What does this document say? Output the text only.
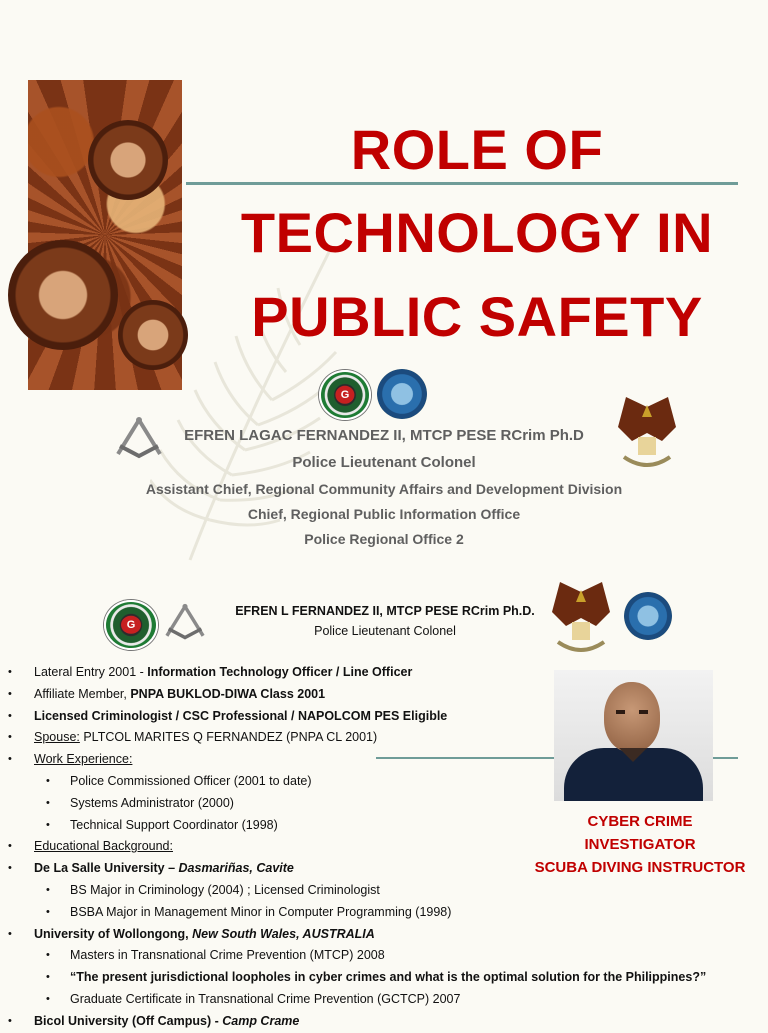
ROLE OF
TECHNOLOGY IN
PUBLIC SAFETY
G
EFREN LAGAC FERNANDEZ II, MTCP PESE RCrim Ph.D
Police Lieutenant Colonel
Assistant Chief, Regional Community Affairs and Development Division
Chief, Regional Public Information Office
Police Regional Office 2
G
EFREN L FERNANDEZ II, MTCP PESE RCrim Ph.D.
Police Lieutenant Colonel
CYBER CRIME
INVESTIGATOR
SCUBA DIVING INSTRUCTOR
• Lateral Entry 2001 - Information Technology Officer / Line Officer
• Affiliate Member, PNPA BUKLOD-DIWA Class 2001
• Licensed Criminologist / CSC Professional / NAPOLCOM PES Eligible
• Spouse: PLTCOL MARITES Q FERNANDEZ (PNPA CL 2001)
• Work Experience:
• Police Commissioned Officer (2001 to date)
• Systems Administrator (2000)
• Technical Support Coordinator (1998)
• Educational Background:
• De La Salle University – Dasmariñas, Cavite
• BS Major in Criminology (2004) ; Licensed Criminologist
• BSBA Major in Management Minor in Computer Programming (1998)
• University of Wollongong, New South Wales, AUSTRALIA
• Masters in Transnational Crime Prevention (MTCP) 2008
• “The present jurisdictional loopholes in cyber crimes and what is the optimal solution for the Philippines?”
• Graduate Certificate in Transnational Crime Prevention (GCTCP) 2007
• Bicol University (Off Campus) - Camp Crame
